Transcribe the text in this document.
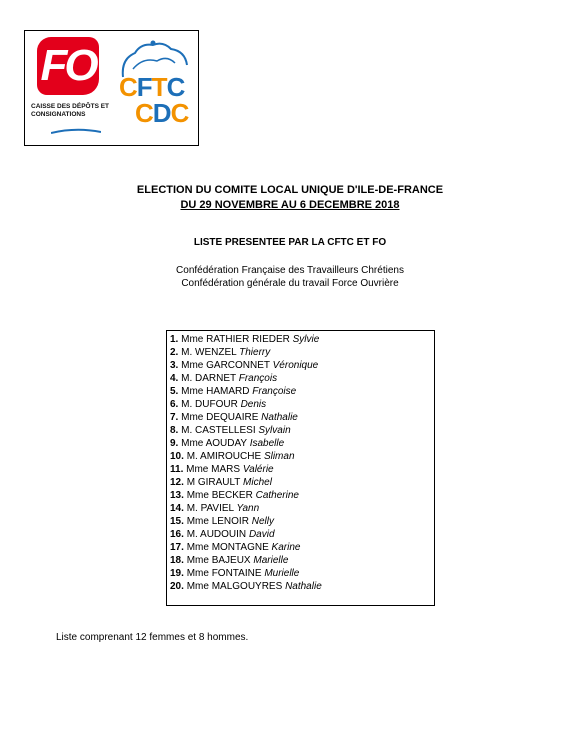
FO
CAISSE DES DÉPÔTS ET CONSIGNATIONS
CFTC
CDC
ELECTION DU COMITE LOCAL UNIQUE D'ILE-DE-FRANCE
DU 29 NOVEMBRE AU 6 DECEMBRE 2018
LISTE PRESENTEE PAR LA CFTC ET FO
Confédération Française des Travailleurs Chrétiens
Confédération générale du travail Force Ouvrière
1. Mme RATHIER RIEDER Sylvie
2. M. WENZEL Thierry
3. Mme GARCONNET Véronique
4. M. DARNET François
5. Mme HAMARD Françoise
6. M. DUFOUR Denis
7. Mme DEQUAIRE Nathalie
8. M. CASTELLESI Sylvain
9. Mme AOUDAY Isabelle
10. M. AMIROUCHE Sliman
11. Mme MARS Valérie
12. M GIRAULT Michel
13. Mme BECKER Catherine
14. M. PAVIEL Yann
15. Mme LENOIR Nelly
16. M. AUDOUIN David
17. Mme MONTAGNE Karine
18. Mme BAJEUX Marielle
19. Mme FONTAINE Murielle
20. Mme MALGOUYRES Nathalie
Liste comprenant 12 femmes et 8 hommes.
